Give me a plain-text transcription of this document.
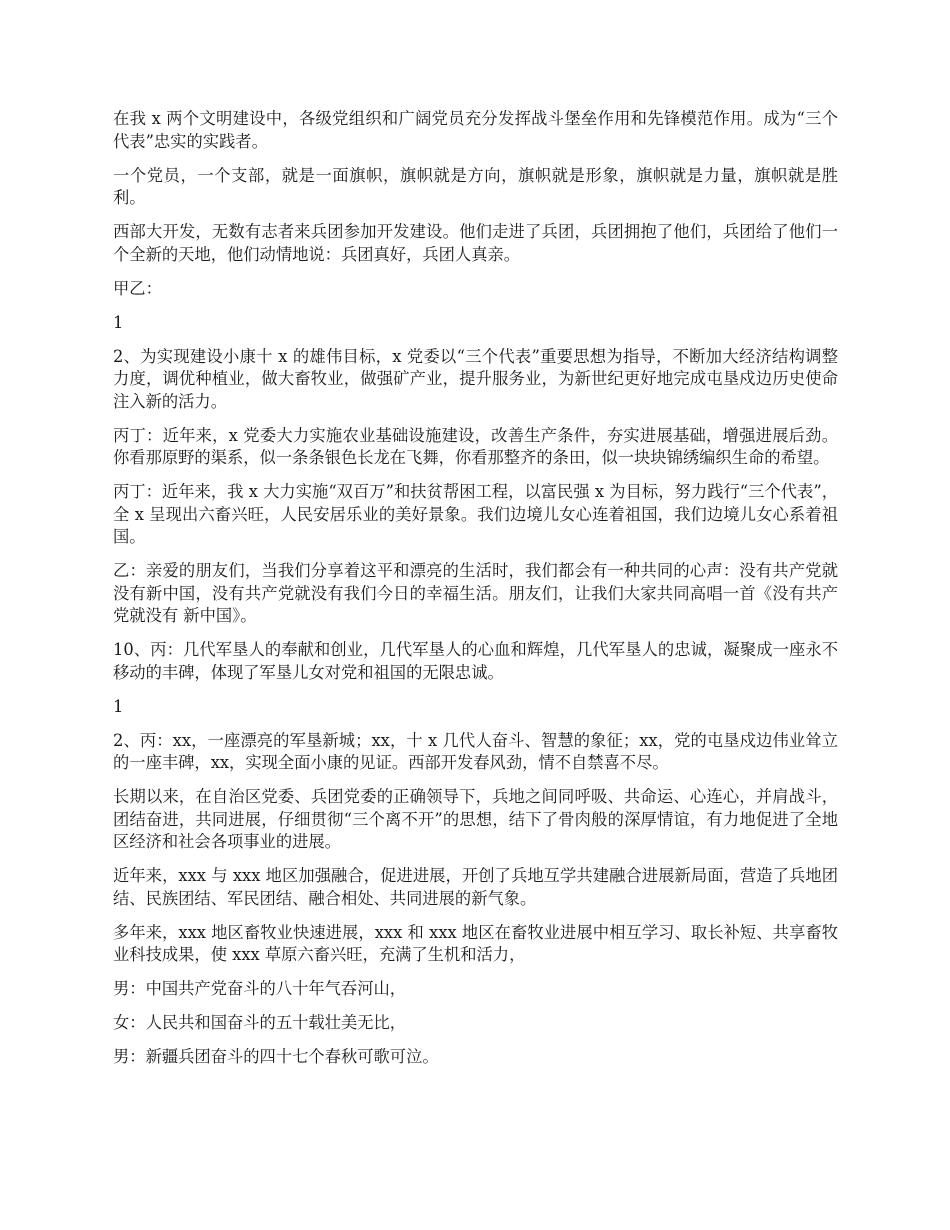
在我 x 两个文明建设中，各级党组织和广阔党员充分发挥战斗堡垒作用和先锋模范作用。成为“三个代表”忠实的实践者。

一个党员，一个支部，就是一面旗帜，旗帜就是方向，旗帜就是形象，旗帜就是力量，旗帜就是胜利。

西部大开发，无数有志者来兵团参加开发建设。他们走进了兵团，兵团拥抱了他们，兵团给了他们一个全新的天地，他们动情地说：兵团真好，兵团人真亲。

甲乙：

1

2、为实现建设小康十 x 的雄伟目标，x 党委以“三个代表”重要思想为指导，不断加大经济结构调整力度，调优种植业，做大畜牧业，做强矿产业，提升服务业，为新世纪更好地完成屯垦戍边历史使命注入新的活力。

丙丁：近年来，x 党委大力实施农业基础设施建设，改善生产条件，夯实进展基础，增强进展后劲。你看那原野的渠系，似一条条银色长龙在飞舞，你看那整齐的条田，似一块块锦绣编织生命的希望。

丙丁：近年来，我 x 大力实施“双百万”和扶贫帮困工程，以富民强 x 为目标，努力践行“三个代表”，全 x 呈现出六畜兴旺，人民安居乐业的美好景象。我们边境儿女心连着祖国，我们边境儿女心系着祖国。

乙：亲爱的朋友们，当我们分享着这平和漂亮的生活时，我们都会有一种共同的心声：没有共产党就没有新中国，没有共产党就没有我们今日的幸福生活。朋友们，让我们大家共同高唱一首《没有共产党就没有 新中国》。

10、丙：几代军垦人的奉献和创业，几代军垦人的心血和辉煌，几代军垦人的忠诚，凝聚成一座永不移动的丰碑，体现了军垦儿女对党和祖国的无限忠诚。

1

2、丙：xx，一座漂亮的军垦新城；xx，十 x 几代人奋斗、智慧的象征；xx，党的屯垦戍边伟业耸立的一座丰碑，xx，实现全面小康的见证。西部开发春风劲，情不自禁喜不尽。

长期以来，在自治区党委、兵团党委的正确领导下，兵地之间同呼吸、共命运、心连心，并肩战斗，团结奋进，共同进展，仔细贯彻“三个离不开”的思想，结下了骨肉般的深厚情谊，有力地促进了全地区经济和社会各项事业的进展。

近年来，xxx 与 xxx 地区加强融合，促进进展，开创了兵地互学共建融合进展新局面，营造了兵地团结、民族团结、军民团结、融合相处、共同进展的新气象。

多年来，xxx 地区畜牧业快速进展，xxx 和 xxx 地区在畜牧业进展中相互学习、取长补短、共享畜牧业科技成果，使 xxx 草原六畜兴旺，充满了生机和活力，

男：中国共产党奋斗的八十年气吞河山，

女：人民共和国奋斗的五十载壮美无比，

男：新疆兵团奋斗的四十七个春秋可歌可泣。
